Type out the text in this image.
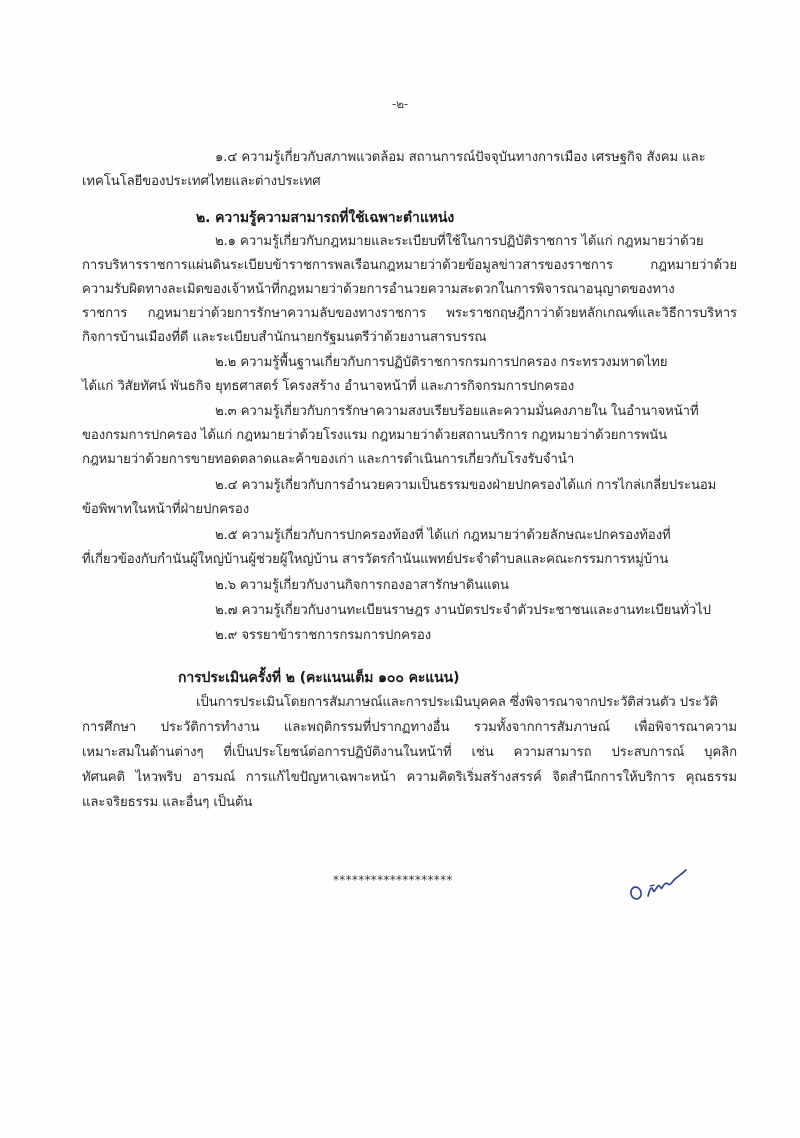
-๒-
๑.๔ ความรู้เกี่ยวกับสภาพแวดล้อม สถานการณ์ปัจจุบันทางการเมือง เศรษฐกิจ สังคม และ
เทคโนโลยีของประเทศไทยและต่างประเทศ
๒. ความรู้ความสามารถที่ใช้เฉพาะตำแหน่ง
๒.๑ ความรู้เกี่ยวกับกฎหมายและระเบียบที่ใช้ในการปฏิบัติราชการ ได้แก่ กฎหมายว่าด้วย
การบริหารราชการแผ่นดินระเบียบข้าราชการพลเรือนกฎหมายว่าด้วยข้อมูลข่าวสารของราชการ กฎหมายว่าด้วย
ความรับผิดทางละเมิดของเจ้าหน้าที่กฎหมายว่าด้วยการอำนวยความสะดวกในการพิจารณาอนุญาตของทาง
ราชการ กฎหมายว่าด้วยการรักษาความลับของทางราชการ พระราชกฤษฎีกาว่าด้วยหลักเกณฑ์และวิธีการบริหาร
กิจการบ้านเมืองที่ดี และระเบียบสำนักนายกรัฐมนตรีว่าด้วยงานสารบรรณ
๒.๒ ความรู้พื้นฐานเกี่ยวกับการปฏิบัติราชการกรมการปกครอง กระทรวงมหาดไทย
ได้แก่ วิสัยทัศน์ พันธกิจ ยุทธศาสตร์ โครงสร้าง อำนาจหน้าที่ และภารกิจกรมการปกครอง
๒.๓ ความรู้เกี่ยวกับการรักษาความสงบเรียบร้อยและความมั่นคงภายใน ในอำนาจหน้าที่
ของกรมการปกครอง ได้แก่ กฎหมายว่าด้วยโรงแรม กฎหมายว่าด้วยสถานบริการ กฎหมายว่าด้วยการพนัน
กฎหมายว่าด้วยการขายทอดตลาดและค้าของเก่า และการดำเนินการเกี่ยวกับโรงรับจำนำ
๒.๔ ความรู้เกี่ยวกับการอำนวยความเป็นธรรมของฝ่ายปกครองได้แก่ การไกล่เกลี่ยประนอม
ข้อพิพาทในหน้าที่ฝ่ายปกครอง
๒.๕ ความรู้เกี่ยวกับการปกครองท้องที่ ได้แก่ กฎหมายว่าด้วยลักษณะปกครองท้องที่
ที่เกี่ยวข้องกับกำนันผู้ใหญ่บ้านผู้ช่วยผู้ใหญ่บ้าน สารวัตรกำนันแพทย์ประจำตำบลและคณะกรรมการหมู่บ้าน
๒.๖ ความรู้เกี่ยวกับงานกิจการกองอาสารักษาดินแดน
๒.๗ ความรู้เกี่ยวกับงานทะเบียนราษฎร งานบัตรประจำตัวประชาชนและงานทะเบียนทั่วไป
๒.๙ จรรยาข้าราชการกรมการปกครอง
การประเมินครั้งที่ ๒ (คะแนนเต็ม ๑๐๐ คะแนน)
เป็นการประเมินโดยการสัมภาษณ์และการประเมินบุคคล ซึ่งพิจารณาจากประวัติส่วนตัว ประวัติ
การศึกษา ประวัติการทำงาน และพฤติกรรมที่ปรากฏทางอื่น รวมทั้งจากการสัมภาษณ์ เพื่อพิจารณาความ
เหมาะสมในด้านต่างๆ ที่เป็นประโยชน์ต่อการปฏิบัติงานในหน้าที่ เช่น ความสามารถ ประสบการณ์ บุคลิก
ทัศนคติ ไหวพริบ อารมณ์ การแก้ไขปัญหาเฉพาะหน้า ความคิดริเริ่มสร้างสรรค์ จิตสำนึกการให้บริการ คุณธรรม
และจริยธรรม และอื่นๆ เป็นต้น
*******************
